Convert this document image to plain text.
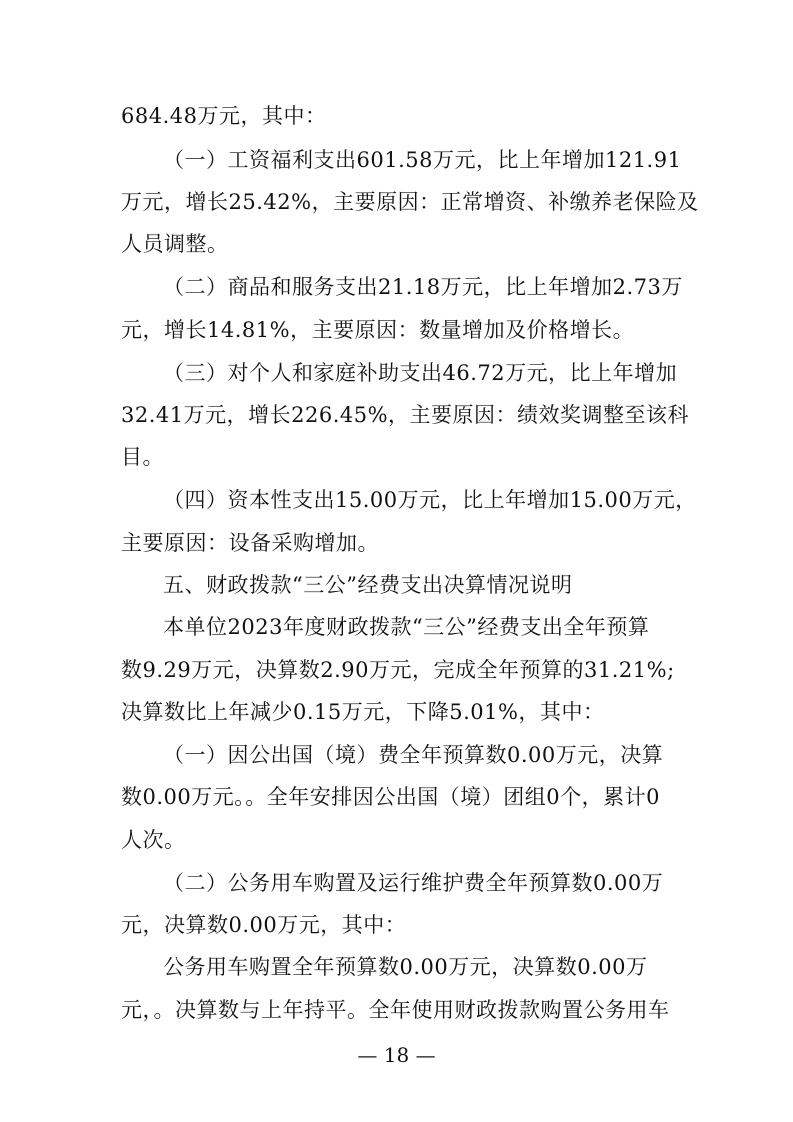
684.48万元，其中：
（一）工资福利支出601.58万元，比上年增加121.91
万元，增长25.42%，主要原因：正常增资、补缴养老保险及
人员调整。
（二）商品和服务支出21.18万元，比上年增加2.73万
元，增长14.81%，主要原因：数量增加及价格增长。
（三）对个人和家庭补助支出46.72万元，比上年增加
32.41万元，增长226.45%，主要原因：绩效奖调整至该科
目。
（四）资本性支出15.00万元，比上年增加15.00万元，
主要原因：设备采购增加。
五、财政拨款“三公”经费支出决算情况说明
本单位2023年度财政拨款“三公”经费支出全年预算
数9.29万元，决算数2.90万元，完成全年预算的31.21%;
决算数比上年减少0.15万元，下降5.01%，其中：
（一）因公出国（境）费全年预算数0.00万元，决算
数0.00万元。。全年安排因公出国（境）团组0个，累计0
人次。
（二）公务用车购置及运行维护费全年预算数0.00万
元，决算数0.00万元，其中：
公务用车购置全年预算数0.00万元，决算数0.00万
元，。决算数与上年持平。全年使用财政拨款购置公务用车
— 18 —
